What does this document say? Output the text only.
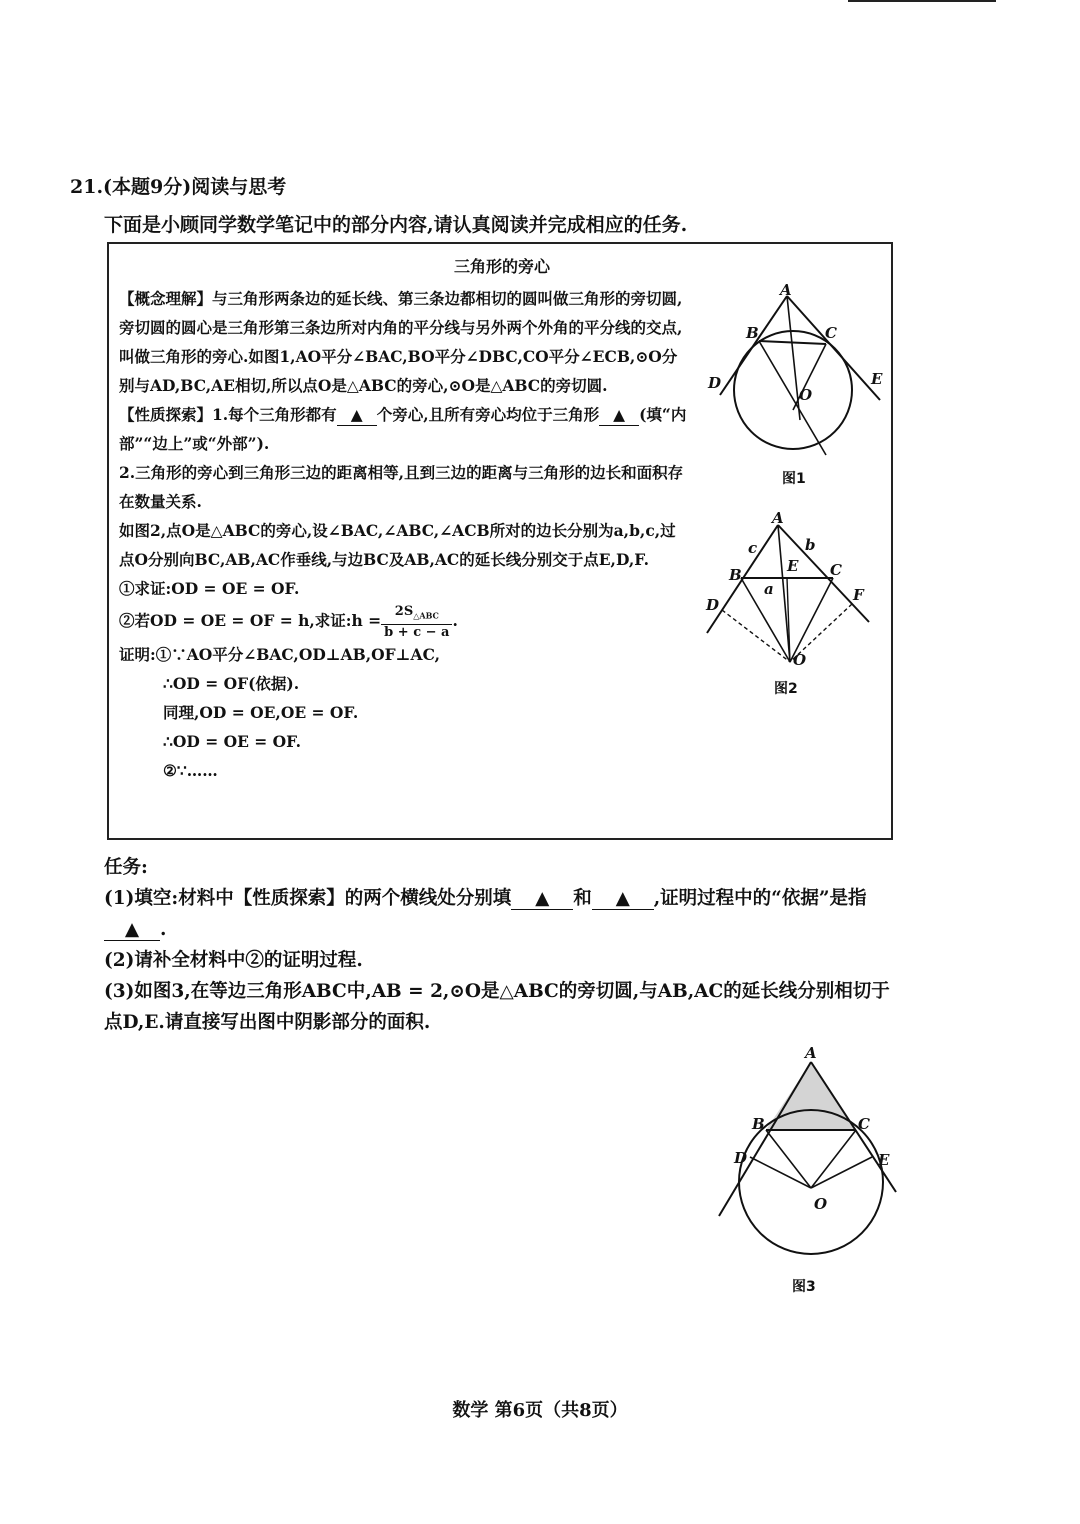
21.(本题9分)阅读与思考
下面是小顾同学数学笔记中的部分内容,请认真阅读并完成相应的任务.
三角形的旁心

【概念理解】与三角形两条边的延长线、第三条边都相切的圆叫做三角形的旁切圆,旁切圆的圆心是三角形第三条边所对内角的平分线与另外两个外角的平分线的交点,叫做三角形的旁心.如图1,AO平分∠BAC,BO平分∠DBC,CO平分∠ECB,⊙O分别与AD,BC,AE相切,所以点O是△ABC的旁心,⊙O是△ABC的旁切圆.

【性质探索】1.每个三角形都有 ▲ 个旁心,且所有旁心均位于三角形 ▲ (填“内部”“边上”或“外部”).

2.三角形的旁心到三角形三边的距离相等,且到三边的距离与三角形的边长和面积存在数量关系.

如图2,点O是△ABC的旁心,设∠BAC,∠ABC,∠ACB所对的边长分别为a,b,c,过点O分别向BC,AB,AC作垂线,与边BC及AB,AC的延长线分别交于点E,D,F.

①求证:OD = OE = OF.

②若OD = OE = OF = h,求证:h = $\frac{2S_{\triangle ABC}}{b + c - a}$ .

证明:①∵AO平分∠BAC,OD⊥AB,OF⊥AC,

∴OD = OF(依据).

同理,OD = OE,OE = OF.

∴OD = OE = OF.

②∵……

A
B	C
D	E
O
图1
A
B	C
D
E
F
O
a
b
c
图2
A
B	C
D	E
O
图3

任务:

(1)填空:材料中【性质探索】的两个横线处分别填 ▲ 和 ▲ ,证明过程中的“依据”是指▲ .

(2)请补全材料中②的证明过程.

(3)如图3,在等边三角形ABC中,AB = 2,⊙O是△ABC的旁切圆,与AB,AC的延长线分别相切于点D,E.请直接写出图中阴影部分的面积.

数学 第6页（共8页）
